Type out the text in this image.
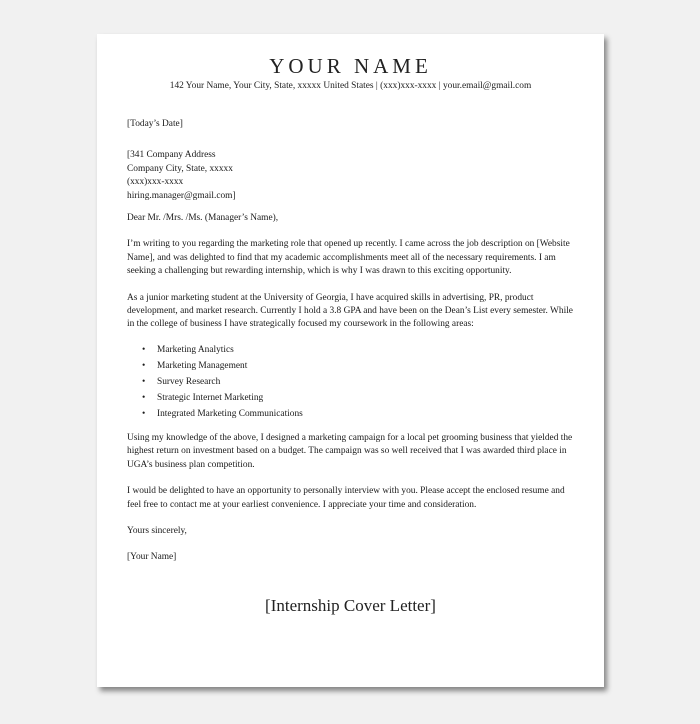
YOUR NAME
142 Your Name, Your City, State, xxxxx United States | (xxx)xxx-xxxx | your.email@gmail.com

[Today’s Date]

[341 Company Address

Company City, State, xxxxx

(xxx)xxx-xxxx

hiring.manager@gmail.com]

Dear Mr. /Mrs. /Ms. (Manager’s Name),

I’m writing to you regarding the marketing role that opened up recently. I came across the job description on [Website Name], and was delighted to find that my academic accomplishments meet all of the necessary requirements. I am seeking a challenging but rewarding internship, which is why I was drawn to this exciting opportunity.

As a junior marketing student at the University of Georgia, I have acquired skills in advertising, PR, product development, and market research. Currently I hold a 3.8 GPA and have been on the Dean’s List every semester. While in the college of business I have strategically focused my coursework in the following areas:

• Marketing Analytics
• Marketing Management
• Survey Research
• Strategic Internet Marketing
• Integrated Marketing Communications

Using my knowledge of the above, I designed a marketing campaign for a local pet grooming business that yielded the highest return on investment based on a budget. The campaign was so well received that I was awarded third place in UGA’s business plan competition.

I would be delighted to have an opportunity to personally interview with you. Please accept the enclosed resume and feel free to contact me at your earliest convenience. I appreciate your time and consideration.

Yours sincerely,

[Your Name]

[Internship Cover Letter]
